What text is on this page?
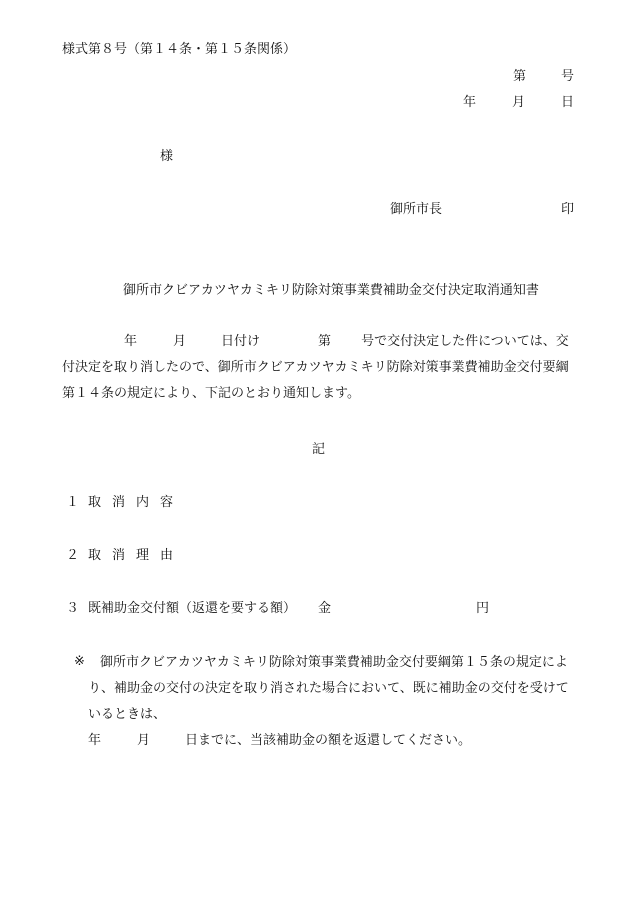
様式第８号（第１４条・第１５条関係）
第	号
年	月	日
様
御所市長	印
御所市クビアカツヤカミキリ防除対策事業費補助金交付決定取消通知書
年	月	日付け	第 号で交付決定した件については、交付決定を取り消したので、御所市クビアカツヤカミキリ防除対策事業費補助金交付要綱第１４条の規定により、下記のとおり通知します。
記
１ 取 消 内 容
２ 取 消 理 由
３ 既補助金交付額（返還を要する額） 金	円
※	御所市クビアカツヤカミキリ防除対策事業費補助金交付要綱第１５条の規定により、補助金の交付の決定を取り消された場合において、既に補助金の交付を受けているときは、
年	月	日までに、当該補助金の額を返還してください。
